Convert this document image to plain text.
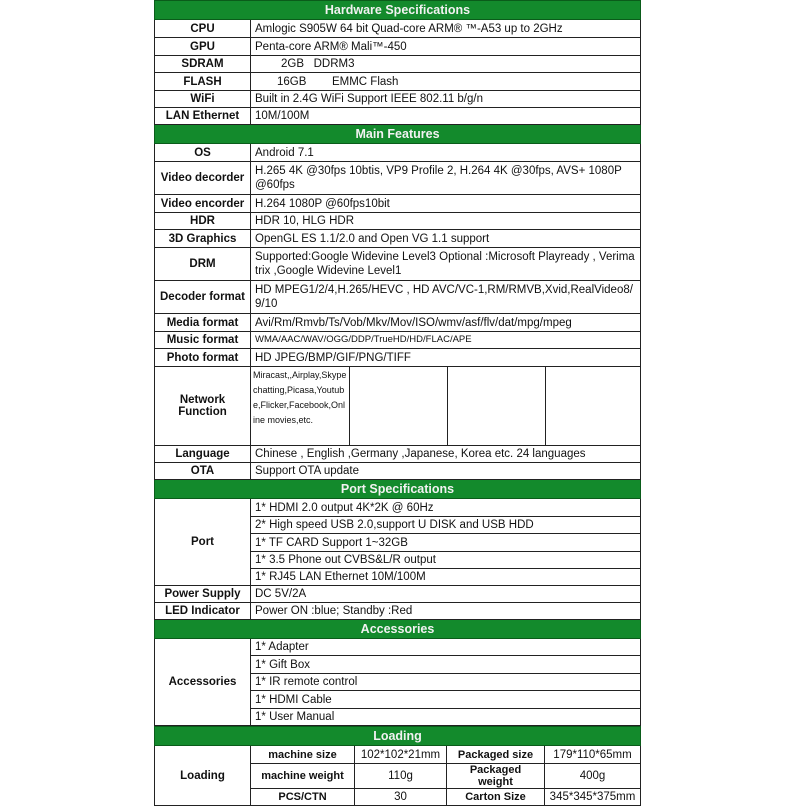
Hardware Specifications	
CPU	Amlogic S905W 64 bit Quad-core ARM® ™-A53 up to 2GHz
GPU	Penta-core ARM® Mali™-450
SDRAM	2GB   DDRM3
FLASH	16GB        EMMC Flash
WiFi	Built in 2.4G WiFi Support IEEE 802.11 b/g/n
LAN Ethernet	10M/100M
Main Features	
OS	Android 7.1
Video decorder	H.265 4K @30fps 10btis, VP9 Profile 2, H.264 4K @30fps, AVS+ 1080P @60fps
Video encorder	H.264 1080P @60fps10bit
HDR	HDR 10, HLG HDR
3D Graphics	OpenGL ES 1.1/2.0 and Open VG 1.1 support
DRM	Supported:Google Widevine Level3 Optional :Microsoft Playready , Verimatrix ,Google Widevine Level1
Decoder format	HD MPEG1/2/4,H.265/HEVC , HD AVC/VC-1,RM/RMVB,Xvid,RealVideo8/9/10
Media format	Avi/Rm/Rmvb/Ts/Vob/Mkv/Mov/ISO/wmv/asf/flv/dat/mpg/mpeg
Music format	WMA/AAC/WAV/OGG/DDP/TrueHD/HD/FLAC/APE
Photo format	HD JPEG/BMP/GIF/PNG/TIFF
Network Function	Miracast,,Airplay,Skype chatting,Picasa,Youtube,Flicker,Facebook,Online movies,etc.

Language	Chinese , English ,Germany ,Japanese, Korea etc. 24 languages
OTA	Support OTA update
Port Specifications	
Port	1* HDMI 2.0 output 4K*2K @ 60Hz
	2* High speed USB 2.0,support U DISK and USB HDD
	1* TF CARD Support 1~32GB
	1* 3.5 Phone out CVBS&L/R output
	1* RJ45 LAN Ethernet 10M/100M
Power Supply	DC 5V/2A
LED Indicator	Power ON :blue; Standby :Red
Accessories	
Accessories	1* Adapter
	1* Gift Box
	1* IR remote control
	1* HDMI Cable
	1* User Manual
Loading				
Loading	machine size	102*102*21mm	Packaged size	179*110*65mm
	machine weight	110g	Packaged weight	400g
	PCS/CTN	30	Carton Size	345*345*375mm
